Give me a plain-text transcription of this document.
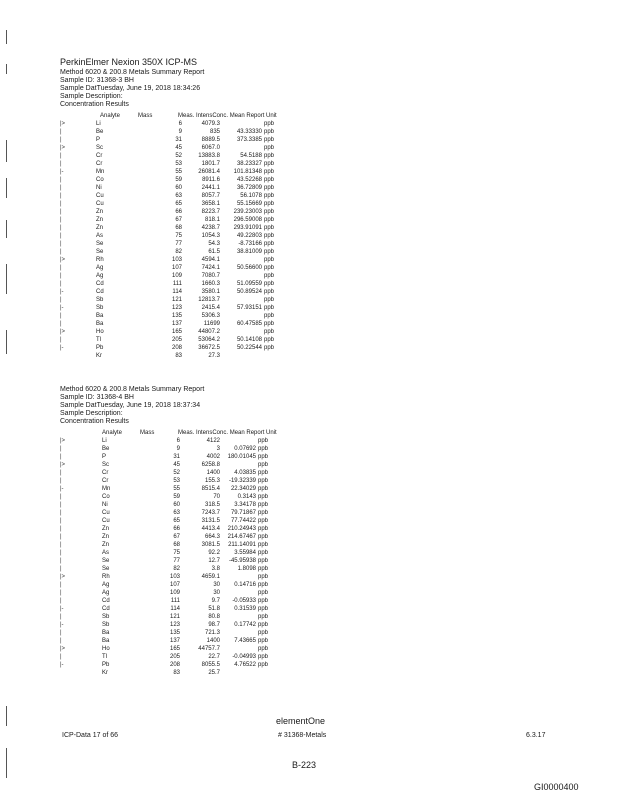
PerkinElmer Nexion 350X ICP-MS
Method 6020 & 200.8 Metals Summary Report
Sample ID: 31368-3 BH
Sample DatTuesday, June 19, 2018 18:34:26
Sample Description:
Concentration Results
Analyte	Mass	Meas. IntensConc. Mean Report Unit
|>	Li	6	4079.3	ppb
|	Be	9	835	43.33330 ppb
|	P	31	8889.5	373.3385 ppb
|>	Sc	45	6067.0	ppb
|	Cr	52	13883.8	54.5188 ppb
|	Cr	53	1801.7	38.23327 ppb
|-	Mn	55	26081.4	101.81348 ppb
|	Co	59	8911.6	43.52268 ppb
|	Ni	60	2441.1	36.72809 ppb
|	Cu	63	8057.7	56.1078 ppb
|	Cu	65	3658.1	55.15669 ppb
|	Zn	66	8223.7	239.23003 ppb
|	Zn	67	818.1	296.59008 ppb
|	Zn	68	4238.7	293.91091 ppb
|	As	75	1054.3	49.22803 ppb
|	Se	77	54.3	-8.73166 ppb
|	Se	82	61.5	38.81009 ppb
|>	Rh	103	4594.1	ppb
|	Ag	107	7424.1	50.56600 ppb
|	Ag	109	7080.7	ppb
|	Cd	111	1660.3	51.09559 ppb
|-	Cd	114	3580.1	50.89524 ppb
|	Sb	121	12813.7	ppb
|-	Sb	123	2415.4	57.93151 ppb
|	Ba	135	5306.3	ppb
|	Ba	137	11699	60.47585 ppb
|>	Ho	165	44807.2	ppb
|	Tl	205	53064.2	50.14108 ppb
|-	Pb	208	36672.5	50.22544 ppb
Kr	83	27.3
Method 6020 & 200.8 Metals Summary Report
Sample ID: 31368-4 BH
Sample DatTuesday, June 19, 2018 18:37:34
Sample Description:
Concentration Results
Analyte	Mass	Meas. IntensConc. Mean Report Unit
|>	Li	6	4122	ppb
|	Be	9	3	0.07692 ppb
|	P	31	4002	180.01045 ppb
|>	Sc	45	6258.8	ppb
|	Cr	52	1400	4.03835 ppb
|	Cr	53	155.3	-19.32339 ppb
|-	Mn	55	8515.4	22.34029 ppb
|	Co	59	70	0.3143 ppb
|	Ni	60	318.5	3.34178 ppb
|	Cu	63	7243.7	79.71867 ppb
|	Cu	65	3131.5	77.74422 ppb
|	Zn	66	4413.4	210.24943 ppb
|	Zn	67	664.3	214.67467 ppb
|	Zn	68	3081.5	211.14091 ppb
|	As	75	92.2	3.55984 ppb
|	Se	77	12.7	-45.95938 ppb
|	Se	82	3.8	1.8098 ppb
|>	Rh	103	4659.1	ppb
|	Ag	107	30	0.14716 ppb
|	Ag	109	30	ppb
|	Cd	111	9.7	-0.05933 ppb
|-	Cd	114	51.8	0.31539 ppb
|	Sb	121	80.8	ppb
|-	Sb	123	98.7	0.17742 ppb
|	Ba	135	721.3	ppb
|	Ba	137	1400	7.43665 ppb
|>	Ho	165	44757.7	ppb
|	Tl	205	22.7	-0.04993 ppb
|-	Pb	208	8055.5	4.76522 ppb
Kr	83	25.7
elementOne
ICP-Data 17 of 66	# 31368-Metals	6.3.17
B-223
GI0000400
